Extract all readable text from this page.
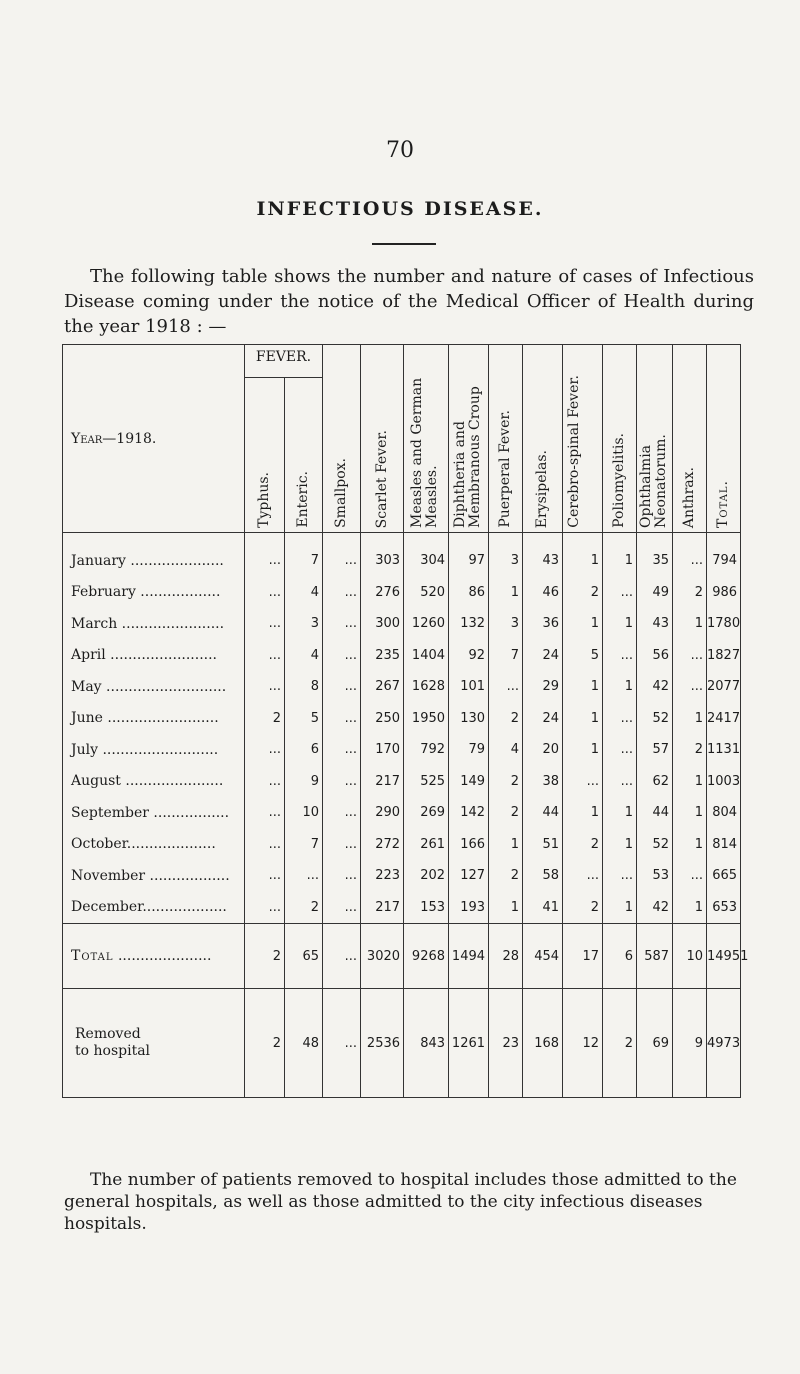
70
INFECTIOUS DISEASE.
The following table shows the number and nature of cases of Infectious Disease coming under the notice of the Medical Officer of Health during the year 1918 : —
Year—1918.	FEVER.		Smallpox.	Scarlet Fever.	Measles and German Measles.	Diphtheria and Membranous Croup	Puerperal Fever.	Erysipelas.	Cerebro-spinal Fever.	Poliomyelitis.	Ophthalmia Neonatorum.	Anthrax.	Total.

	Typhus.	Enteric.											

January .....................	...	7	...	303	304	97	3	43	1	1	35	...	794
February ..................	...	4	...	276	520	86	1	46	2	...	49	2	986
March .......................	...	3	...	300	1260	132	3	36	1	1	43	1	1780
April ........................	...	4	...	235	1404	92	7	24	5	...	56	...	1827
May ...........................	...	8	...	267	1628	101	...	29	1	1	42	...	2077
June .........................	2	5	...	250	1950	130	2	24	1	...	52	1	2417
July ..........................	...	6	...	170	792	79	4	20	1	...	57	2	1131
August ......................	...	9	...	217	525	149	2	38	...	...	62	1	1003
September .................	...	10	...	290	269	142	2	44	1	1	44	1	804
October....................	...	7	...	272	261	166	1	51	2	1	52	1	814
November ..................	...	...	...	223	202	127	2	58	...	...	53	...	665
December...................	...	2	...	217	153	193	1	41	2	1	42	1	653
Total .....................	2	65	...	3020	9268	1494	28	454	17	6	587	10	14951
Removed
to hospital	2	48	...	2536	843	1261	23	168	12	2	69	9	4973
The number of patients removed to hospital includes those admitted to the general hospitals, as well as those admitted to the city infectious diseases hospitals.
